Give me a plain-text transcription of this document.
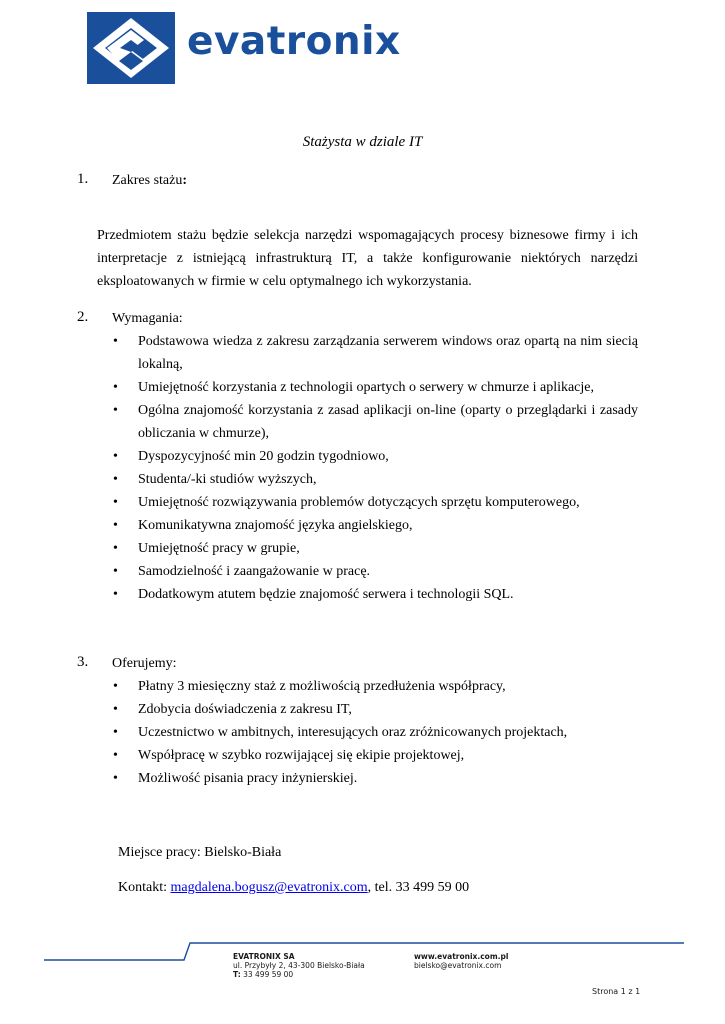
evatronix
Stażysta w dziale IT
1. Zakres stażu:
Przedmiotem stażu będzie selekcja narzędzi wspomagających procesy biznesowe firmy i ich interpretacje z istniejącą infrastrukturą IT, a także konfigurowanie niektórych narzędzi eksploatowanych w firmie w celu optymalnego ich wykorzystania.
2. Wymagania:
• Podstawowa wiedza z zakresu zarządzania serwerem windows oraz opartą na nim siecią lokalną,
• Umiejętność korzystania z technologii opartych o serwery w chmurze i aplikacje,
• Ogólna znajomość korzystania z zasad aplikacji on-line (oparty o przeglądarki i zasady obliczania w chmurze),
• Dyspozycyjność min 20 godzin tygodniowo,
• Studenta/-ki studiów wyższych,
• Umiejętność rozwiązywania problemów dotyczących sprzętu komputerowego,
• Komunikatywna znajomość języka angielskiego,
• Umiejętność pracy w grupie,
• Samodzielność i zaangażowanie w pracę.
• Dodatkowym atutem będzie znajomość serwera i technologii SQL.
3. Oferujemy:
• Płatny 3 miesięczny staż z możliwością przedłużenia współpracy,
• Zdobycia doświadczenia z zakresu IT,
• Uczestnictwo w ambitnych, interesujących oraz zróżnicowanych projektach,
• Współpracę w szybko rozwijającej się ekipie projektowej,
• Możliwość pisania pracy inżynierskiej.
Miejsce pracy: Bielsko-Biała
Kontakt: magdalena.bogusz@evatronix.com, tel. 33 499 59 00
EVATRONIX SA
ul. Przybyły 2, 43-300 Bielsko-Biała
T: 33 499 59 00
www.evatronix.com.pl
bielsko@evatronix.com
Strona 1 z 1
